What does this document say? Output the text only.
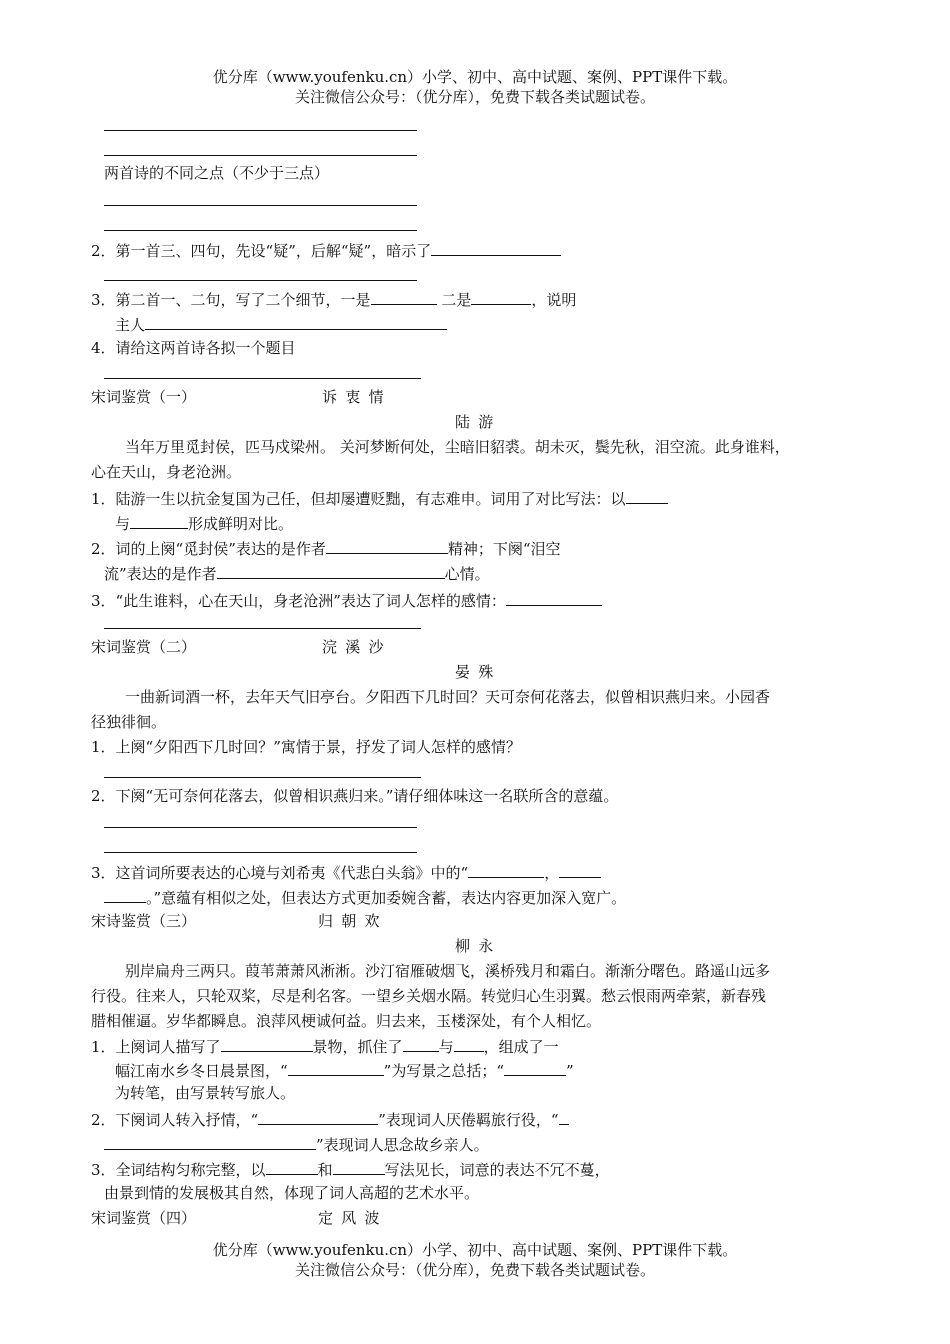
优分库（www.youfenku.cn）小学、初中、高中试题、案例、PPT课件下载。
关注微信公众号：（优分库），免费下载各类试题试卷。
两首诗的不同之点（不少于三点）
2．第一首三、四句，先设“疑”，后解“疑”，暗示了
3．第二首一、二句，写了二个细节，一是	二是	，说明
主人
4．请给这两首诗各拟一个题目
宋词鉴赏（一）	诉衷情
陆游
当年万里觅封侯，匹马戍梁州。 关河梦断何处，尘暗旧貂裘。胡未灭，鬓先秋，泪空流。此身谁料，
心在天山，身老沧洲。
1．陆游一生以抗金复国为己任，但却屡遭贬黜，有志难申。词用了对比写法：以
与	形成鲜明对比。
2．词的上阕“觅封侯”表达的是作者	精神；下阕“泪空
流”表达的是作者	心情。
3．“此生谁料，心在天山，身老沧洲”表达了词人怎样的感情：
宋词鉴赏（二）	浣溪沙
晏殊
一曲新词酒一杯，去年天气旧亭台。夕阳西下几时回？天可奈何花落去，似曾相识燕归来。小园香
径独徘徊。
1．上阕“夕阳西下几时回？”寓情于景，抒发了词人怎样的感情？
2．下阕“无可奈何花落去，似曾相识燕归来。”请仔细体味这一名联所含的意蕴。
3．这首词所要表达的心境与刘希夷《代悲白头翁》中的“	，
。”意蕴有相似之处，但表达方式更加委婉含蓄，表达内容更加深入宽广。
宋诗鉴赏（三）	归朝欢
柳永
别岸扁舟三两只。葭苇萧萧风淅淅。沙汀宿雁破烟飞，溪桥残月和霜白。渐渐分曙色。路遥山远多
行役。往来人，只轮双桨，尽是利名客。一望乡关烟水隔。转觉归心生羽翼。愁云恨雨两牵萦，新春残
腊相催逼。岁华都瞬息。浪萍风梗诚何益。归去来，玉楼深处，有个人相忆。
1．上阕词人描写了	景物，抓住了 与 ，组成了一
幅江南水乡冬日晨景图，“	”为写景之总括；“	”
为转笔，由写景转写旅人。
2．下阕词人转入抒情，“	”表现词人厌倦羁旅行役，“
”表现词人思念故乡亲人。
3．全词结构匀称完整，以	和	写法见长，词意的表达不冗不蔓，
由景到情的发展极其自然，体现了词人高超的艺术水平。
宋词鉴赏（四）	定风波
优分库（www.youfenku.cn）小学、初中、高中试题、案例、PPT课件下载。
关注微信公众号：（优分库），免费下载各类试题试卷。
